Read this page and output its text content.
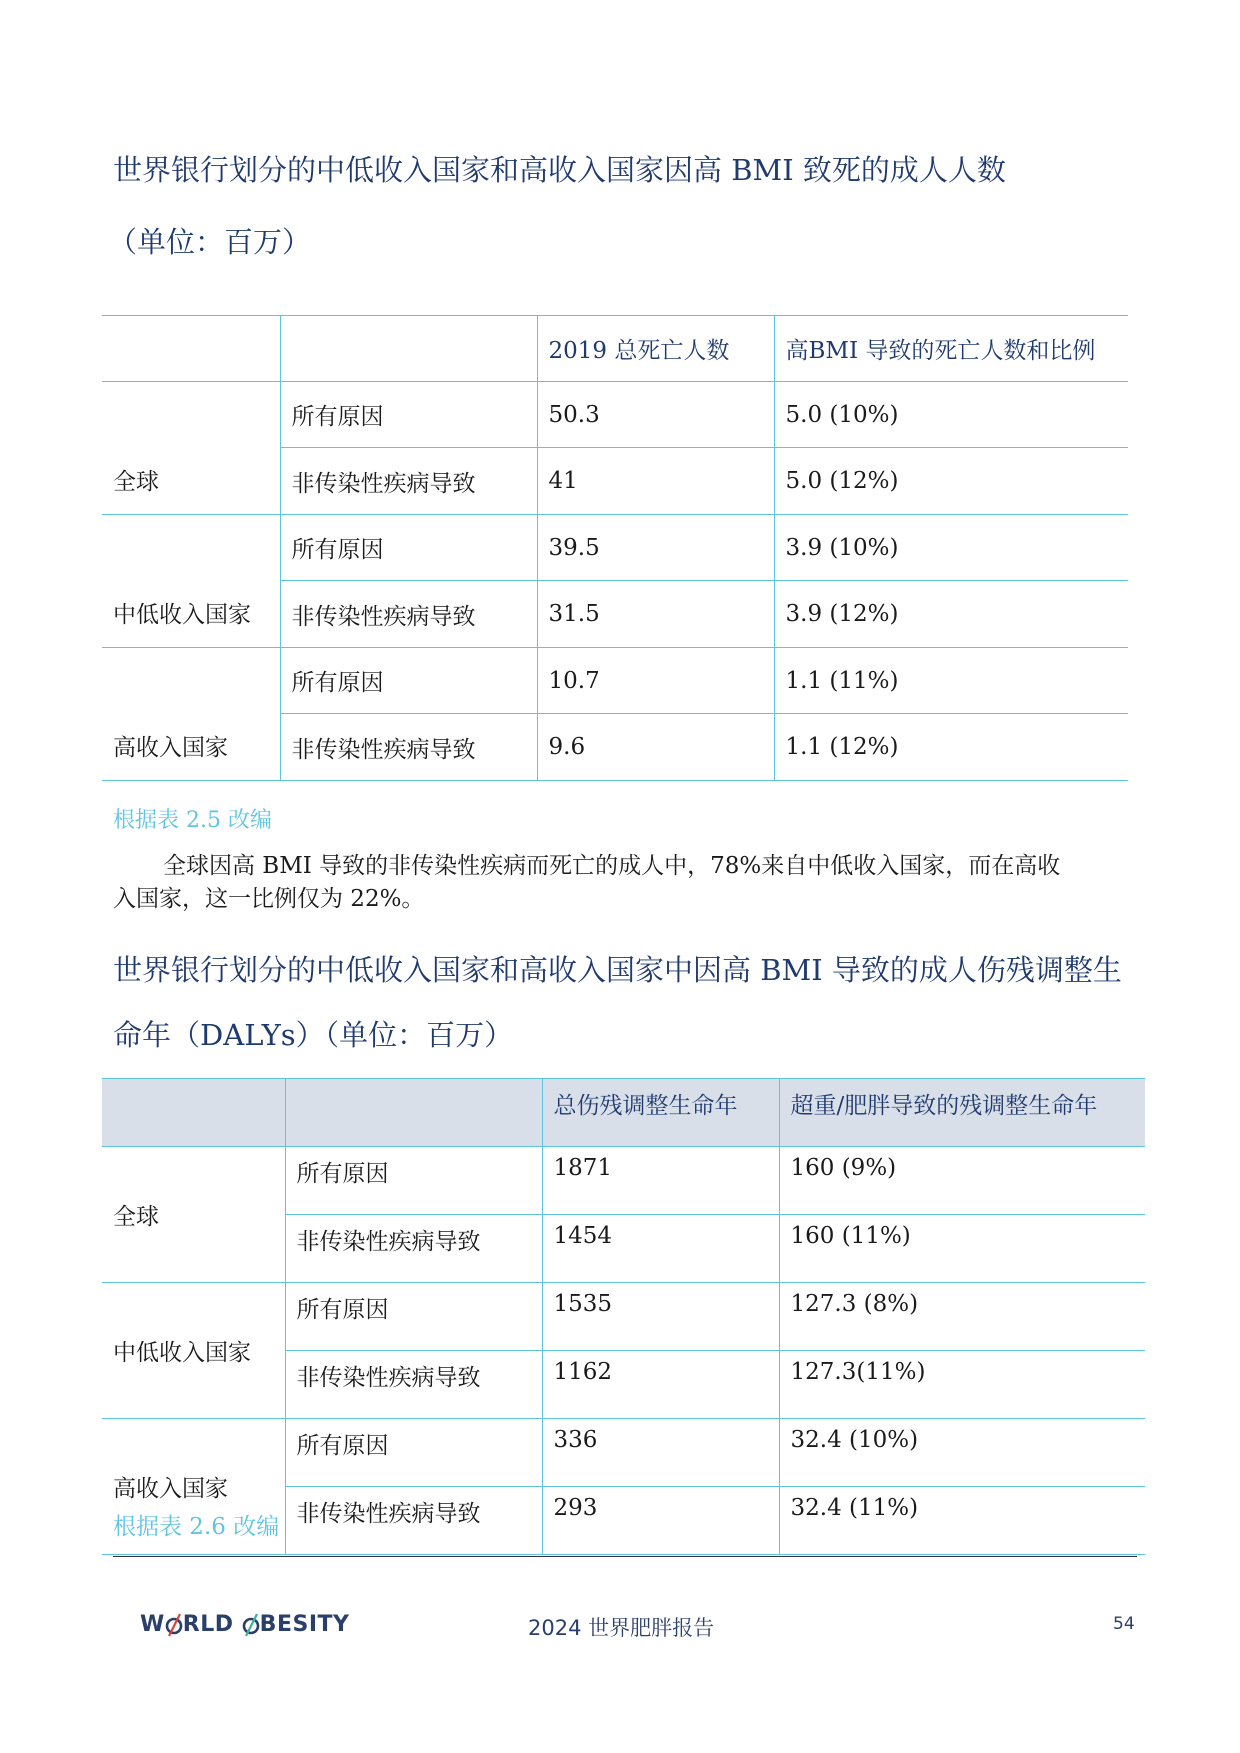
世界银行划分的中低收入国家和高收入国家因高 BMI 致死的成人人数
（单位：百万）
		2019 总死亡人数	高BMI 导致的死亡人数和比例
全球	所有原因	50.3	5.0 (10%)
	非传染性疾病导致	41	5.0 (12%)
中低收入国家	所有原因	39.5	3.9 (10%)
	非传染性疾病导致	31.5	3.9 (12%)
高收入国家	所有原因	10.7	1.1 (11%)
	非传染性疾病导致	9.6	1.1 (12%)
根据表 2.5 改编
全球因高 BMI 导致的非传染性疾病而死亡的成人中，78%来自中低收入国家，而在高收
入国家，这一比例仅为 22%。
世界银行划分的中低收入国家和高收入国家中因高 BMI 导致的成人伤残调整生
命年（DALYs）（单位：百万）
		总伤残调整生命年	超重/肥胖导致的残调整生命年
全球	所有原因	1871	160 (9%)
	非传染性疾病导致	1454	160 (11%)
中低收入国家	所有原因	1535	127.3 (8%)
	非传染性疾病导致	1162	127.3(11%)
高收入国家	所有原因	336	32.4 (10%)
	非传染性疾病导致	293	32.4 (11%)
根据表 2.6 改编
W RLD BESITY	2024 世界肥胖报告	54
